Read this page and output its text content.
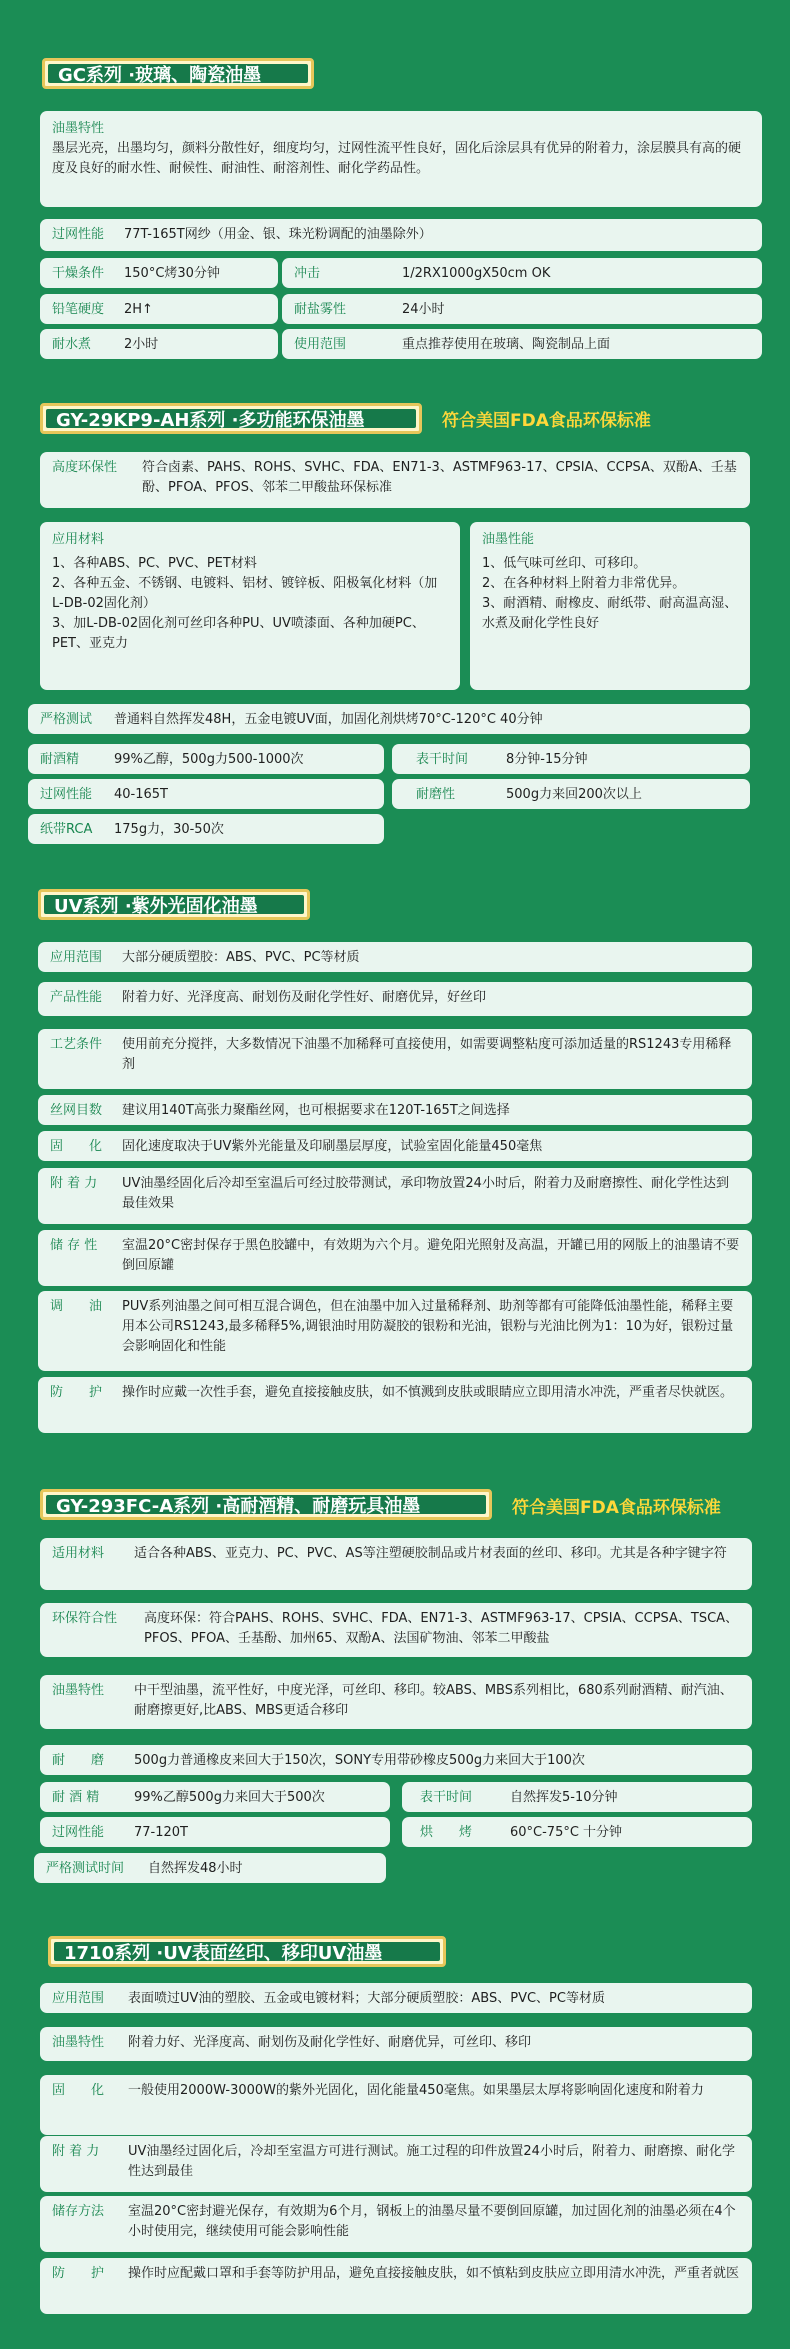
GC系列 ·玻璃、陶瓷油墨
油墨特性
墨层光亮，出墨均匀，颜料分散性好，细度均匀，过网性流平性良好，固化后涂层具有优异的附着力，涂层膜具有高的硬度及良好的耐水性、耐候性、耐油性、耐溶剂性、耐化学药品性。
过网性能	77T-165T网纱（用金、银、珠光粉调配的油墨除外）
干燥条件	150°C烤30分钟	冲击	1/2RX1000gX50cm OK
铅笔硬度	2H↑	耐盐雾性	24小时
耐水煮	2小时	使用范围	重点推荐使用在玻璃、陶瓷制品上面
GY-29KP9-AH系列 ·多功能环保油墨	符合美国FDA食品环保标准
高度环保性	符合卤素、PAHS、ROHS、SVHC、FDA、EN71-3、ASTMF963-17、CPSIA、CCPSA、双酚A、壬基酚、PFOA、PFOS、邻苯二甲酸盐环保标准
应用材料
1、各种ABS、PC、PVC、PET材料
2、各种五金、不锈钢、电镀料、铝材、镀锌板、阳极氧化材料（加L-DB-02固化剂）
3、加L-DB-02固化剂可丝印各种PU、UV喷漆面、各种加硬PC、PET、亚克力
油墨性能
1、低气味可丝印、可移印。
2、在各种材料上附着力非常优异。
3、耐酒精、耐橡皮、耐纸带、耐高温高湿、水煮及耐化学性良好
严格测试	普通料自然挥发48H，五金电镀UV面，加固化剂烘烤70°C-120°C 40分钟
耐酒精	99%乙醇，500g力500-1000次	表干时间	8分钟-15分钟
过网性能	40-165T	耐磨性	500g力来回200次以上
纸带RCA	175g力，30-50次
UV系列 ·紫外光固化油墨
应用范围	大部分硬质塑胶：ABS、PVC、PC等材质
产品性能	附着力好、光泽度高、耐划伤及耐化学性好、耐磨优异，好丝印
工艺条件	使用前充分搅拌，大多数情况下油墨不加稀释可直接使用，如需要调整粘度可添加适量的RS1243专用稀释剂
丝网目数	建议用140T高张力聚酯丝网，也可根据要求在120T-165T之间选择
固　　化	固化速度取决于UV紫外光能量及印刷墨层厚度，试验室固化能量450毫焦
附 着 力	UV油墨经固化后冷却至室温后可经过胶带测试，承印物放置24小时后，附着力及耐磨擦性、耐化学性达到最佳效果
储 存 性	室温20°C密封保存于黑色胶罐中，有效期为六个月。避免阳光照射及高温，开罐已用的网版上的油墨请不要倒回原罐
调　　油	PUV系列油墨之间可相互混合调色，但在油墨中加入过量稀释剂、助剂等都有可能降低油墨性能，稀释主要用本公司RS1243,最多稀释5%,调银油时用防凝胶的银粉和光油，银粉与光油比例为1：10为好，银粉过量会影响固化和性能
防　　护	操作时应戴一次性手套，避免直接接触皮肤，如不慎溅到皮肤或眼睛应立即用清水冲洗，严重者尽快就医。
GY-293FC-A系列 ·高耐酒精、耐磨玩具油墨	符合美国FDA食品环保标准
适用材料	适合各种ABS、亚克力、PC、PVC、AS等注塑硬胶制品或片材表面的丝印、移印。尤其是各种字键字符
环保符合性	高度环保：符合PAHS、ROHS、SVHC、FDA、EN71-3、ASTMF963-17、CPSIA、CCPSA、TSCA、PFOS、PFOA、壬基酚、加州65、双酚A、法国矿物油、邻苯二甲酸盐
油墨特性	中干型油墨，流平性好，中度光泽，可丝印、移印。较ABS、MBS系列相比，680系列耐酒精、耐汽油、耐磨擦更好,比ABS、MBS更适合移印
耐　　磨	500g力普通橡皮来回大于150次，SONY专用带砂橡皮500g力来回大于100次
耐 酒 精	99%乙醇500g力来回大于500次	表干时间	自然挥发5-10分钟
过网性能	77-120T	烘　　烤	60°C-75°C 十分钟
严格测试时间	自然挥发48小时
1710系列 ·UV表面丝印、移印UV油墨
应用范围	表面喷过UV油的塑胶、五金或电镀材料；大部分硬质塑胶：ABS、PVC、PC等材质
油墨特性	附着力好、光泽度高、耐划伤及耐化学性好、耐磨优异，可丝印、移印
固　　化	一般使用2000W-3000W的紫外光固化，固化能量450毫焦。如果墨层太厚将影响固化速度和附着力
附 着 力	UV油墨经过固化后，冷却至室温方可进行测试。施工过程的印件放置24小时后，附着力、耐磨擦、耐化学性达到最佳
储存方法	室温20°C密封避光保存，有效期为6个月，钢板上的油墨尽量不要倒回原罐，加过固化剂的油墨必须在4个小时使用完，继续使用可能会影响性能
防　　护	操作时应配戴口罩和手套等防护用品，避免直接接触皮肤，如不慎粘到皮肤应立即用清水冲洗，严重者就医
